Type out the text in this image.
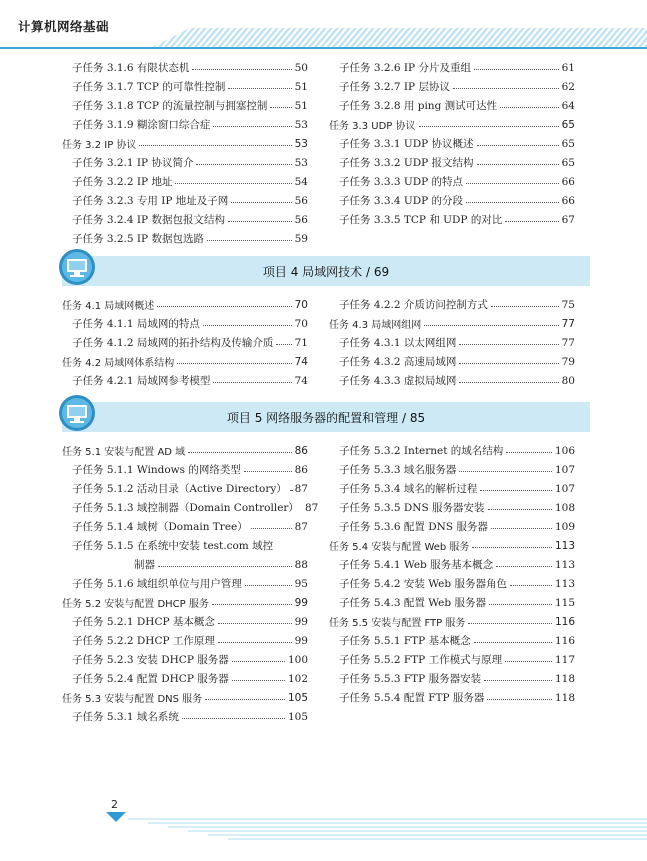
计算机网络基础
子任务 3.1.6 有限状态机	50
子任务 3.1.7 TCP 的可靠性控制	51
子任务 3.1.8 TCP 的流量控制与拥塞控制	51
子任务 3.1.9 糊涂窗口综合症	53
任务 3.2 IP 协议	53
子任务 3.2.1 IP 协议简介	53
子任务 3.2.2 IP 地址	54
子任务 3.2.3 专用 IP 地址及子网	56
子任务 3.2.4 IP 数据包报文结构	56
子任务 3.2.5 IP 数据包选路	59
子任务 3.2.6 IP 分片及重组	61
子任务 3.2.7 IP 层协议	62
子任务 3.2.8 用 ping 测试可达性	64
任务 3.3 UDP 协议	65
子任务 3.3.1 UDP 协议概述	65
子任务 3.3.2 UDP 报文结构	65
子任务 3.3.3 UDP 的特点	66
子任务 3.3.4 UDP 的分段	66
子任务 3.3.5 TCP 和 UDP 的对比	67
项目 4 局域网技术 / 69
任务 4.1 局域网概述	70
子任务 4.1.1 局域网的特点	70
子任务 4.1.2 局域网的拓扑结构及传输介质 71
任务 4.2 局域网体系结构	74
子任务 4.2.1 局域网参考模型	74
子任务 4.2.2 介质访问控制方式	75
任务 4.3 局域网组网	77
子任务 4.3.1 以太网组网	77
子任务 4.3.2 高速局域网	79
子任务 4.3.3 虚拟局域网	80
项目 5 网络服务器的配置和管理 / 85
任务 5.1 安装与配置 AD 域	86
子任务 5.1.1 Windows 的网络类型	86
子任务 5.1.2 活动目录（Active Directory） 87
子任务 5.1.3 域控制器（Domain Controller） 87
子任务 5.1.4 域树（Domain Tree）	87
子任务 5.1.5 在系统中安装 test.com 域控
制器	88
子任务 5.1.6 域组织单位与用户管理	95
任务 5.2 安装与配置 DHCP 服务	99
子任务 5.2.1 DHCP 基本概念	99
子任务 5.2.2 DHCP 工作原理	99
子任务 5.2.3 安装 DHCP 服务器	100
子任务 5.2.4 配置 DHCP 服务器	102
任务 5.3 安装与配置 DNS 服务	105
子任务 5.3.1 域名系统	105
子任务 5.3.2 Internet 的域名结构	106
子任务 5.3.3 域名服务器	107
子任务 5.3.4 域名的解析过程	107
子任务 5.3.5 DNS 服务器安装	108
子任务 5.3.6 配置 DNS 服务器	109
任务 5.4 安装与配置 Web 服务	113
子任务 5.4.1 Web 服务基本概念	113
子任务 5.4.2 安装 Web 服务器角色	113
子任务 5.4.3 配置 Web 服务器	115
任务 5.5 安装与配置 FTP 服务	116
子任务 5.5.1 FTP 基本概念	116
子任务 5.5.2 FTP 工作模式与原理	117
子任务 5.5.3 FTP 服务器安装	118
子任务 5.5.4 配置 FTP 服务器	118
2
